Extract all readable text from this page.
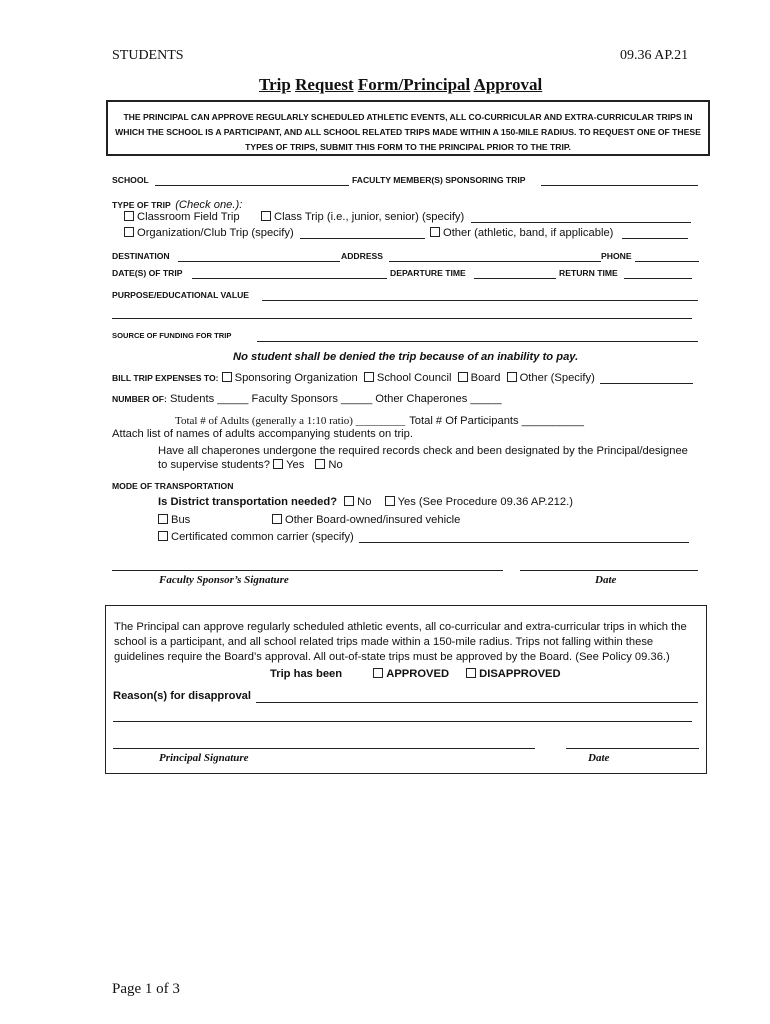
STUDENTS	09.36 AP.21
Trip Request Form/Principal Approval
THE PRINCIPAL CAN APPROVE REGULARLY SCHEDULED ATHLETIC EVENTS, ALL CO-CURRICULAR AND EXTRA-CURRICULAR TRIPS IN WHICH THE SCHOOL IS A PARTICIPANT, AND ALL SCHOOL RELATED TRIPS MADE WITHIN A 150-MILE RADIUS. TO REQUEST ONE OF THESE TYPES OF TRIPS, SUBMIT THIS FORM TO THE PRINCIPAL PRIOR TO THE TRIP.
SCHOOL	FACULTY MEMBER(S) SPONSORING TRIP
TYPE OF TRIP (Check one.):
Classroom Field Trip	Class Trip (i.e., junior, senior) (specify)
Organization/Club Trip (specify)	Other (athletic, band, if applicable)
DESTINATION	ADDRESS	PHONE
DATE(S) OF TRIP	DEPARTURE TIME	RETURN TIME
PURPOSE/EDUCATIONAL VALUE
SOURCE OF FUNDING FOR TRIP
No student shall be denied the trip because of an inability to pay.
BILL TRIP EXPENSES TO: Sponsoring Organization School Council Board Other (Specify)
NUMBER OF: Students _____ Faculty Sponsors _____ Other Chaperones _____
Total # of Adults (generally a 1:10 ratio) _________ Total # Of Participants __________
Attach list of names of adults accompanying students on trip.
Have all chaperones undergone the required records check and been designated by the Principal/designee
to supervise students? Yes No
MODE OF TRANSPORTATION
Is District transportation needed? No Yes (See Procedure 09.36 AP.212.)
Bus	Other Board-owned/insured vehicle
Certificated common carrier (specify)
Faculty Sponsor’s Signature	Date
The Principal can approve regularly scheduled athletic events, all co-curricular and extra-curricular trips in which the school is a participant, and all school related trips made within a 150-mile radius. Trips not falling within these guidelines require the Board’s approval. All out-of-state trips must be approved by the Board. (See Policy 09.36.)
Trip has been	APPROVED	DISAPPROVED
Reason(s) for disapproval
Principal Signature	Date
Page 1 of 3
